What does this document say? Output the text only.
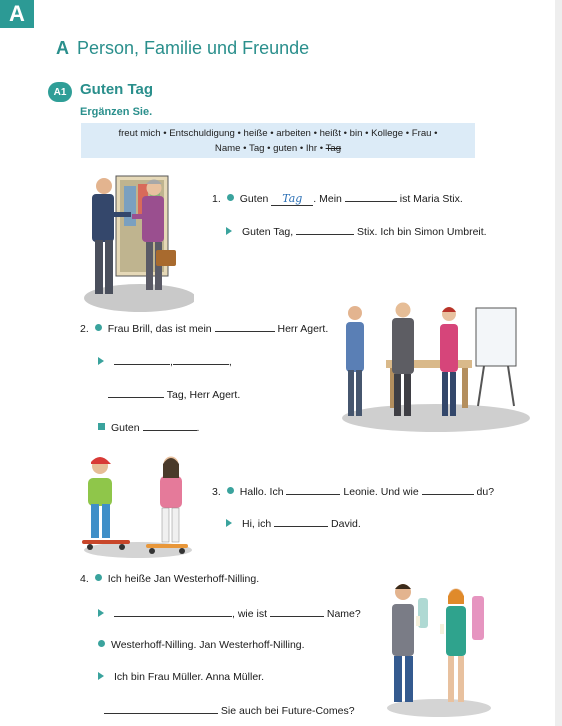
A
A Person, Familie und Freunde
A1 Guten Tag
Ergänzen Sie.
freut mich • Entschuldigung • heiße • arbeiten • heißt • bin • Kollege • Frau •
Name • Tag • guten • Ihr • Tag
1. Guten Tag . Mein	ist Maria Stix.
Guten Tag,	Stix. Ich bin Simon Umbreit.
2. Frau Brill, das ist mein	Herr Agert.
,	,
Tag, Herr Agert.
Guten	.
3. Hallo. Ich	Leonie. Und wie	du?
Hi, ich	David.
4. Ich heiße Jan Westerhoff-Nilling.
, wie ist	Name?
Westerhoff-Nilling. Jan Westerhoff-Nilling.
Ich bin Frau Müller. Anna Müller.
Sie auch bei Future-Comes?
